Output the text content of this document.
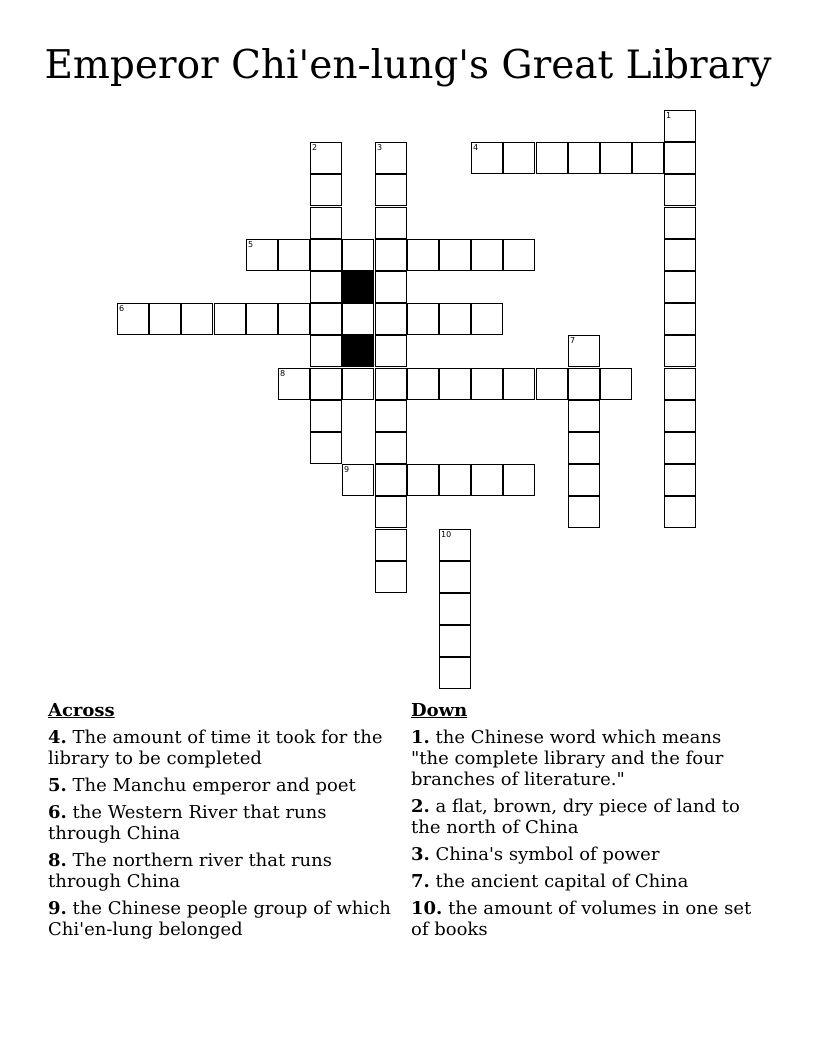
Emperor Chi'en-lung's Great Library
4
5
6
8
9
1
2	3
7
10
Across
4. The amount of time it took for the library to be completed
5. The Manchu emperor and poet
6. the Western River that runs through China
8. The northern river that runs through China
9. the Chinese people group of which Chi'en-lung belonged
Down
1. the Chinese word which means "the complete library and the four branches of literature."
2. a flat, brown, dry piece of land to the north of China
3. China's symbol of power
7. the ancient capital of China
10. the amount of volumes in one set of books
